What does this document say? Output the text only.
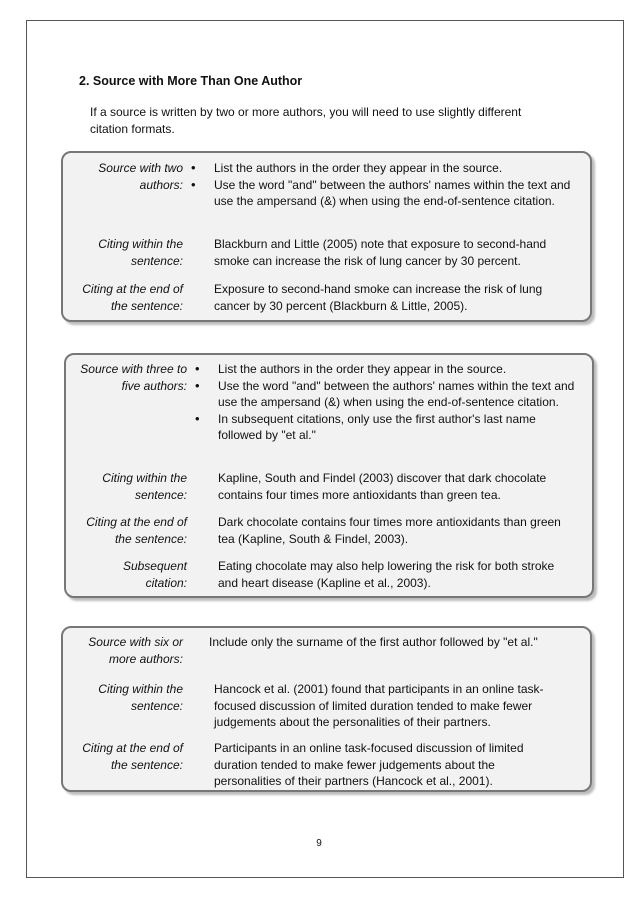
2. Source with More Than One Author
If a source is written by two or more authors, you will need to use slightly different citation formats.
Source with two authors:
• List the authors in the order they appear in the source.
• Use the word "and" between the authors' names within the text and use the ampersand (&) when using the end-of-sentence citation.
Citing within the sentence:
Blackburn and Little (2005) note that exposure to second-hand smoke can increase the risk of lung cancer by 30 percent.
Citing at the end of the sentence:
Exposure to second-hand smoke can increase the risk of lung cancer by 30 percent (Blackburn & Little, 2005).
Source with three to five authors:
• List the authors in the order they appear in the source.
• Use the word "and" between the authors' names within the text and use the ampersand (&) when using the end-of-sentence citation.
• In subsequent citations, only use the first author's last name followed by "et al."
Citing within the sentence:
Kapline, South and Findel (2003) discover that dark chocolate contains four times more antioxidants than green tea.
Citing at the end of the sentence:
Dark chocolate contains four times more antioxidants than green tea (Kapline, South & Findel, 2003).
Subsequent citation:
Eating chocolate may also help lowering the risk for both stroke and heart disease (Kapline et al., 2003).
Source with six or more authors:
Include only the surname of the first author followed by "et al."
Citing within the sentence:
Hancock et al. (2001) found that participants in an online task-focused discussion of limited duration tended to make fewer judgements about the personalities of their partners.
Citing at the end of the sentence:
Participants in an online task-focused discussion of limited duration tended to make fewer judgements about the personalities of their partners (Hancock et al., 2001).
9
